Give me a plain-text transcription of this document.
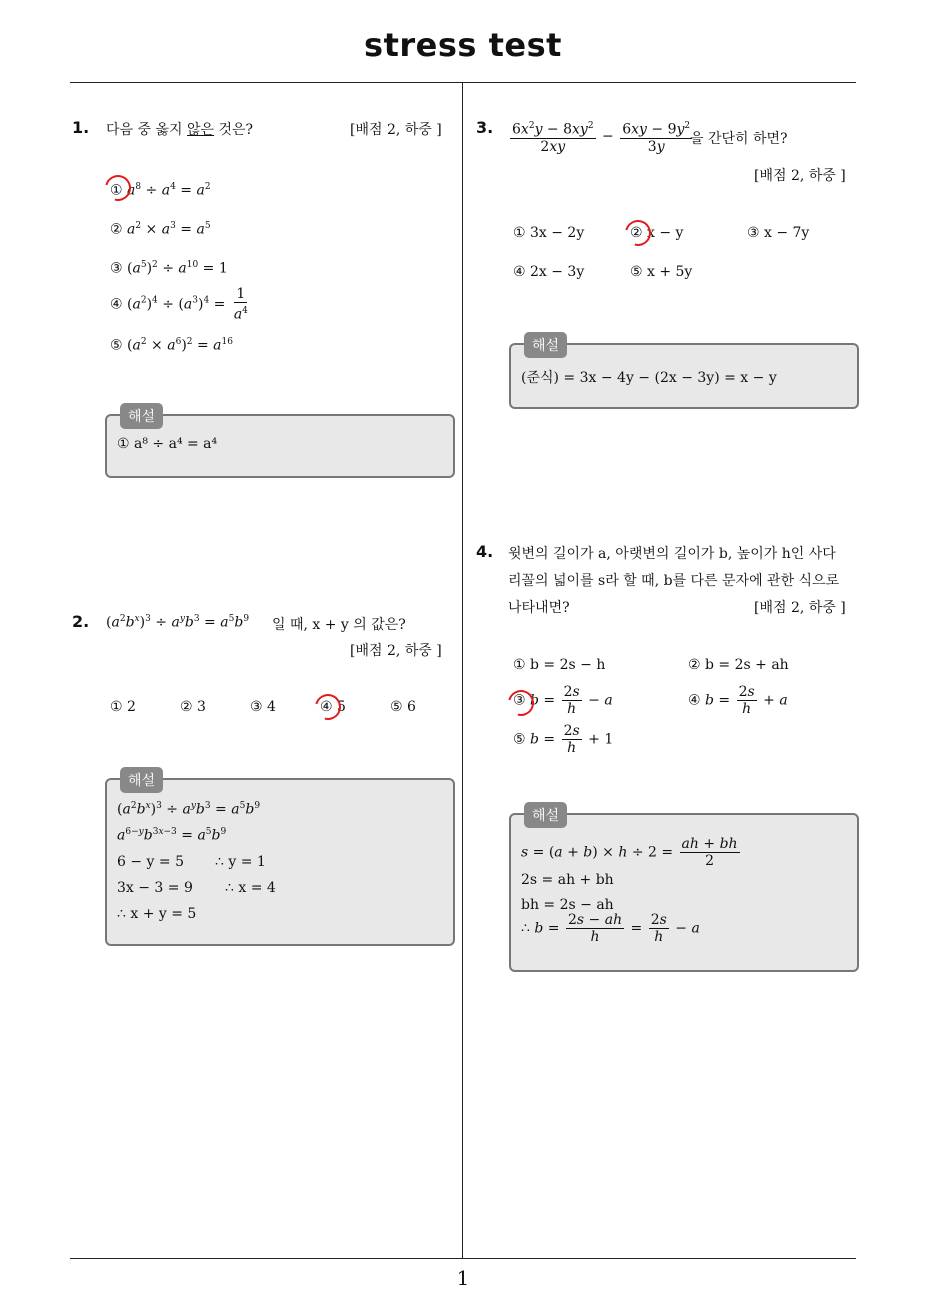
stress test
1
1. 다음 중 옳지 않은 것은?	[배점 2, 하중 ]
① $a^8 \div a^4 = a^2$
② $a^2 \times a^3 = a^5$
③ $(a^5)^2 \div a^{10} = 1$
④ $(a^2)^4 \div (a^3)^4 = \frac{1}{a^4}$
⑤ $(a^2 \times a^6)^2 = a^{16}$
해설
① a⁸ ÷ a⁴ = a⁴
2. $(a^2b^x)^3 \div a^yb^3 = a^5b^9$ 일 때, x + y 의 값은?
[배점 2, 하중 ]
① 2	② 3	③ 4	④ 5	⑤ 6
해설
$(a^2b^x)^3 \div a^yb^3 = a^5b^9$
$a^{6-y}b^{3x-3} = a^5b^9$
6 − y = 5 ∴ y = 1
3x − 3 = 9 ∴ x = 4
∴ x + y = 5
3. $\frac{6x^2y - 8xy^2}{2xy} - \frac{6xy - 9y^2}{3y}$
을 간단히 하면?
[배점 2, 하중 ]
① 3x − 2y	② x − y	③ x − 7y
④ 2x − 3y	⑤ x + 5y
해설
(준식) = 3x − 4y − (2x − 3y) = x − y
4. 윗변의 길이가 a, 아랫변의 길이가 b, 높이가 h인 사다
리꼴의 넓이를 s라 할 때, b를 다른 문자에 관한 식으로
나타내면?	[배점 2, 하중 ]
① b = 2s − h	② b = 2s + ah
③ $b = \frac{2s}{h} - a$	④ $b = \frac{2s}{h} + a$
⑤ $b = \frac{2s}{h} + 1$
해설
$s = (a + b) \times h \div 2 = \frac{ah + bh}{2}$
2s = ah + bh
bh = 2s − ah
∴ $b = \frac{2s - ah}{h} = \frac{2s}{h} - a$
